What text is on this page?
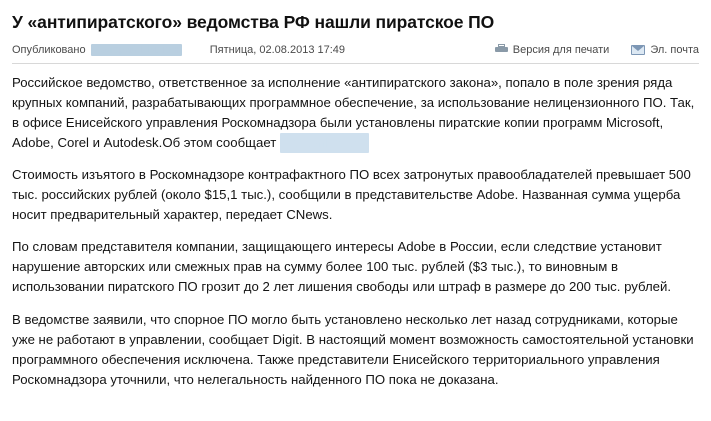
У «антипиратского» ведомства РФ нашли пиратское ПО
Опубликовано Валерий Шилкин	Пятница, 02.08.2013 17:49	Версия для печати	Эл. почта

Российское ведомство, ответственное за исполнение «антипиратского закона», попало в поле зрения ряда крупных компаний, разрабатывающих программное обеспечение, за использование нелицензионного ПО. Так, в офисе Енисейского управления Роскомнадзора были установлены пиратские копии программ Microsoft, Adobe, Corel и Autodesk.Об этом сообщает tech.onliner.by

Стоимость изъятого в Роскомнадзоре контрафактного ПО всех затронутых правообладателей превышает 500 тыс. российских рублей (около $15,1 тыс.), сообщили в представительстве Adobe. Названная сумма ущерба носит предварительный характер, передает CNews.

По словам представителя компании, защищающего интересы Adobe в России, если следствие установит нарушение авторских или смежных прав на сумму более 100 тыс. рублей ($3 тыс.), то виновным в использовании пиратского ПО грозит до 2 лет лишения свободы или штраф в размере до 200 тыс. рублей.

В ведомстве заявили, что спорное ПО могло быть установлено несколько лет назад сотрудниками, которые уже не работают в управлении, сообщает Digit. В настоящий момент возможность самостоятельной установки программного обеспечения исключена. Также представители Енисейского территориального управления Роскомнадзора уточнили, что нелегальность найденного ПО пока не доказана.
